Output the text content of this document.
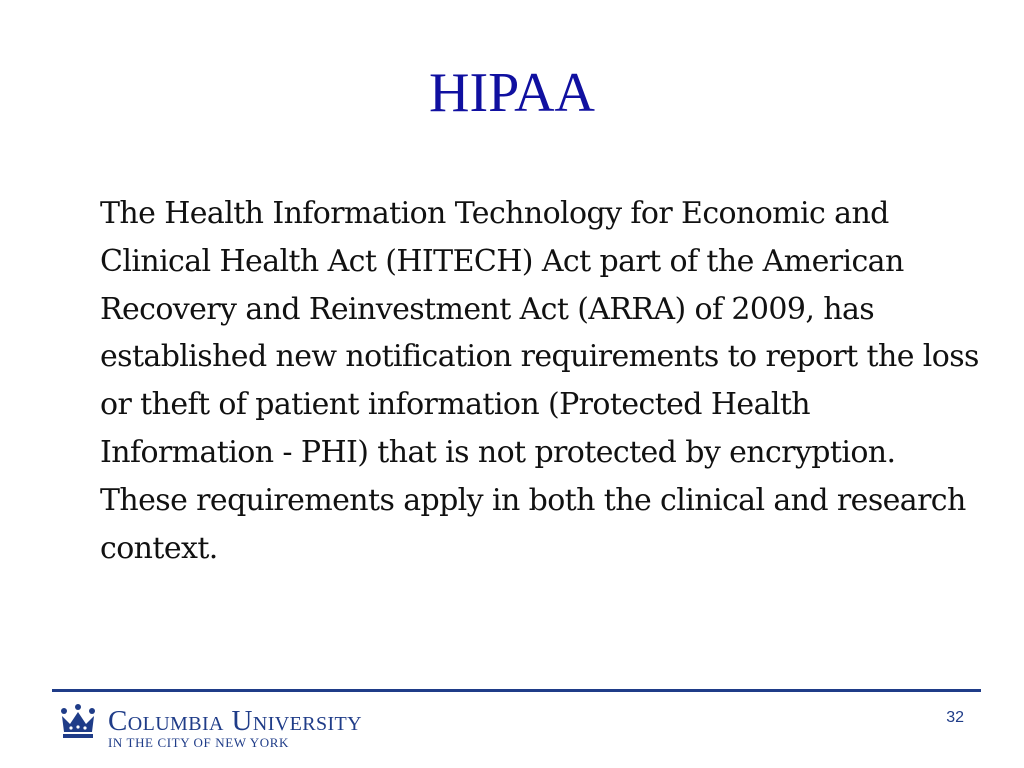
HIPAA
The Health Information Technology for Economic and Clinical Health Act (HITECH) Act part of the American Recovery and Reinvestment Act (ARRA) of 2009, has established new notification requirements to report the loss or theft of patient information (Protected Health Information - PHI) that is not protected by encryption. These requirements apply in both the clinical and research context.
Columbia University
IN THE CITY OF NEW YORK
32
